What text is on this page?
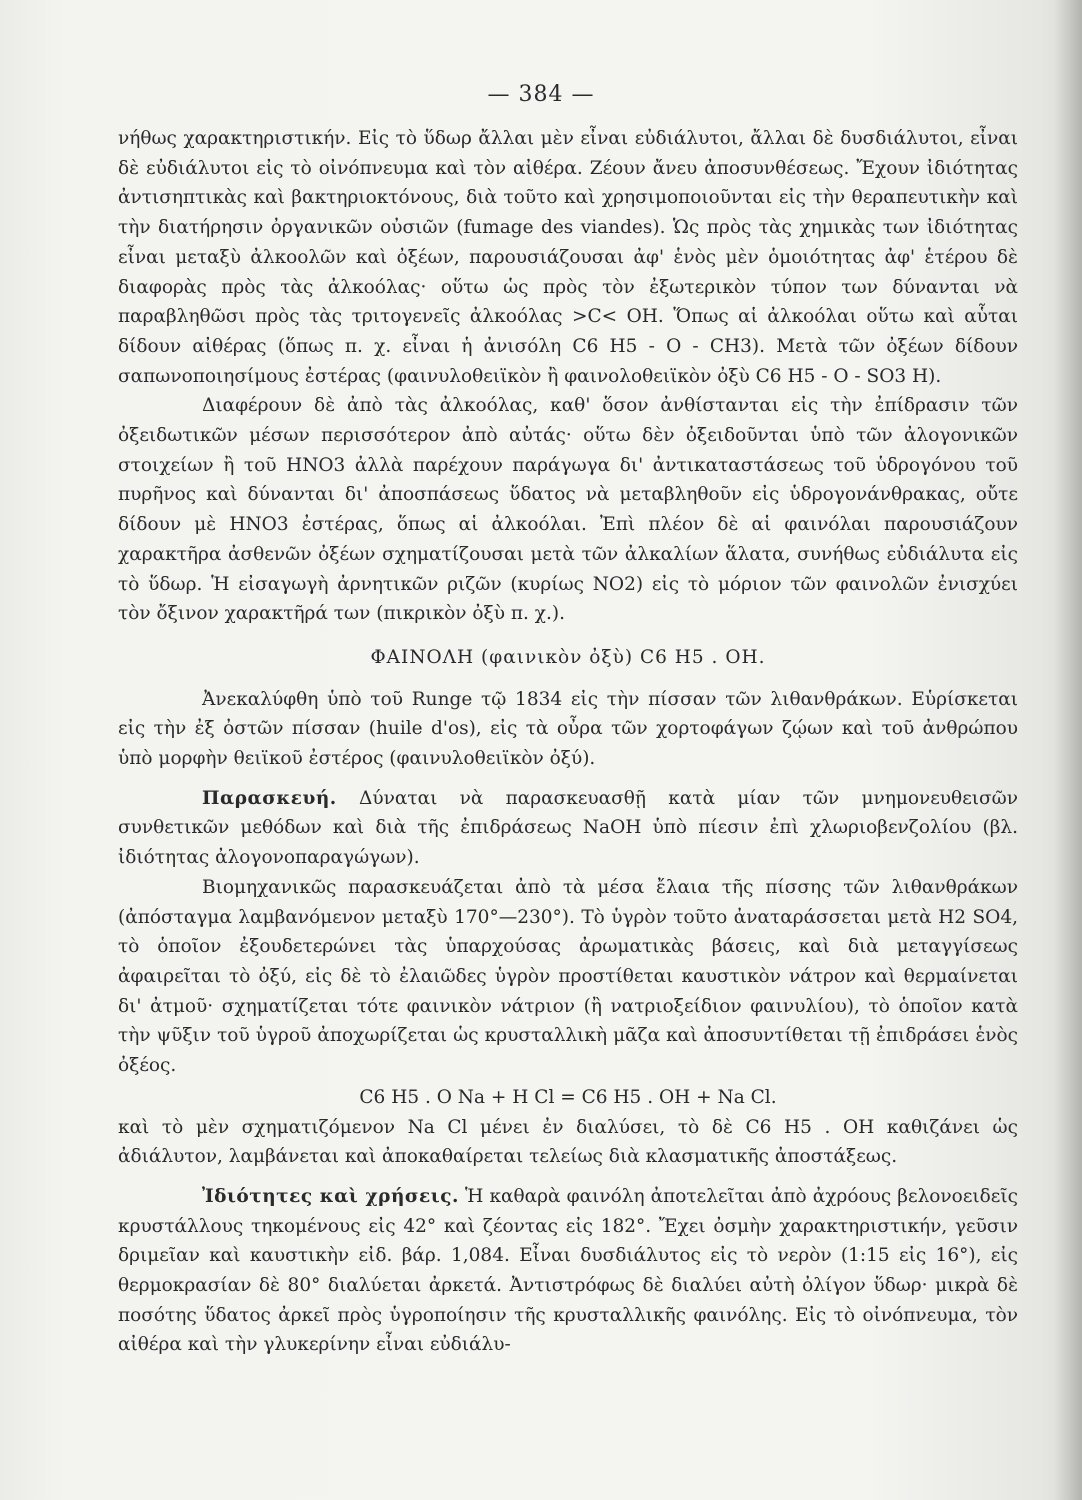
— 384 —

νήθως χαρακτηριστικήν. Εἰς τὸ ὕδωρ ἄλλαι μὲν εἶναι εὐδιάλυτοι, ἄλλαι δὲ δυσδιάλυτοι, εἶναι δὲ εὐδιάλυτοι εἰς τὸ οἰνόπνευμα καὶ τὸν αἰθέρα. Ζέουν ἄνευ ἀποσυνθέσεως. Ἔχουν ἰδιότητας ἀντισηπτικὰς καὶ βακτηριοκτόνους, διὰ τοῦτο καὶ χρησιμοποιοῦνται εἰς τὴν θεραπευτικὴν καὶ τὴν διατήρησιν ὀργανικῶν οὐσιῶν (fumage des viandes). Ὡς πρὸς τὰς χημικὰς των ἰδιότητας εἶναι μεταξὺ ἀλκοολῶν καὶ ὀξέων, παρουσιάζουσαι ἀφ' ἑνὸς μὲν ὁμοιότητας ἀφ' ἑτέρου δὲ διαφορὰς πρὸς τὰς ἀλκοόλας· οὕτω ὡς πρὸς τὸν ἐξωτερικὸν τύπον των δύνανται νὰ παραβληθῶσι πρὸς τὰς τριτογενεῖς ἀλκοόλας >C< OH. Ὅπως αἱ ἀλκοόλαι οὕτω καὶ αὗται δίδουν αἰθέρας (ὅπως π. χ. εἶναι ἡ ἀνισόλη C6 H5 - O - CH3). Μετὰ τῶν ὀξέων δίδουν σαπωνοποιησίμους ἐστέρας (φαινυλοθειϊκὸν ἢ φαινολοθειϊκὸν ὀξὺ C6 H5 - O - SO3 H).

Διαφέρουν δὲ ἀπὸ τὰς ἀλκοόλας, καθ' ὅσον ἀνθίστανται εἰς τὴν ἐπίδρασιν τῶν ὀξειδωτικῶν μέσων περισσότερον ἀπὸ αὐτάς· οὕτω δὲν ὀξειδοῦνται ὑπὸ τῶν ἀλογονικῶν στοιχείων ἢ τοῦ HNO3 ἀλλὰ παρέχουν παράγωγα δι' ἀντικαταστάσεως τοῦ ὑδρογόνου τοῦ πυρῆνος καὶ δύνανται δι' ἀποσπάσεως ὕδατος νὰ μεταβληθοῦν εἰς ὑδρογονάνθρακας, οὔτε δίδουν μὲ HNO3 ἐστέρας, ὅπως αἱ ἀλκοόλαι. Ἐπὶ πλέον δὲ αἱ φαινόλαι παρουσιάζουν χαρακτῆρα ἀσθενῶν ὀξέων σχηματίζουσαι μετὰ τῶν ἀλκαλίων ἅλατα, συνήθως εὐδιάλυτα εἰς τὸ ὕδωρ. Ἡ εἰσαγωγὴ ἀρνητικῶν ριζῶν (κυρίως NO2) εἰς τὸ μόριον τῶν φαινολῶν ἐνισχύει τὸν ὄξινον χαρακτῆρά των (πικρικὸν ὀξὺ π. χ.).

ΦΑΙΝΟΛΗ (φαινικὸν ὀξὺ) C6 H5 . OH.

Ἀνεκαλύφθη ὑπὸ τοῦ Runge τῷ 1834 εἰς τὴν πίσσαν τῶν λιθανθράκων. Εὑρίσκεται εἰς τὴν ἐξ ὀστῶν πίσσαν (huile d'os), εἰς τὰ οὖρα τῶν χορτοφάγων ζῴων καὶ τοῦ ἀνθρώπου ὑπὸ μορφὴν θειϊκοῦ ἐστέρος (φαινυλοθειϊκὸν ὀξύ).

Παρασκευή. Δύναται νὰ παρασκευασθῇ κατὰ μίαν τῶν μνημονευθεισῶν συνθετικῶν μεθόδων καὶ διὰ τῆς ἐπιδράσεως NaOH ὑπὸ πίεσιν ἐπὶ χλωριοβενζολίου (βλ. ἰδιότητας ἀλογονοπαραγώγων).

Βιομηχανικῶς παρασκευάζεται ἀπὸ τὰ μέσα ἔλαια τῆς πίσσης τῶν λιθανθράκων (ἀπόσταγμα λαμβανόμενον μεταξὺ 170°—230°). Τὸ ὑγρὸν τοῦτο ἀναταράσσεται μετὰ H2 SO4, τὸ ὁποῖον ἐξουδετερώνει τὰς ὑπαρχούσας ἀρωματικὰς βάσεις, καὶ διὰ μεταγγίσεως ἀφαιρεῖται τὸ ὀξύ, εἰς δὲ τὸ ἐλαιῶδες ὑγρὸν προστίθεται καυστικὸν νάτρον καὶ θερμαίνεται δι' ἀτμοῦ· σχηματίζεται τότε φαινικὸν νάτριον (ἢ νατριοξείδιον φαινυλίου), τὸ ὁποῖον κατὰ τὴν ψῦξιν τοῦ ὑγροῦ ἀποχωρίζεται ὡς κρυσταλλικὴ μᾶζα καὶ ἀποσυντίθεται τῇ ἐπιδράσει ἑνὸς ὀξέος.

C6 H5 . O Na + H Cl = C6 H5 . OH + Na Cl.

καὶ τὸ μὲν σχηματιζόμενον Na Cl μένει ἐν διαλύσει, τὸ δὲ C6 H5 . OH καθιζάνει ὡς ἀδιάλυτον, λαμβάνεται καὶ ἀποκαθαίρεται τελείως διὰ κλασματικῆς ἀποστάξεως.

Ἰδιότητες καὶ χρήσεις. Ἡ καθαρὰ φαινόλη ἀποτελεῖται ἀπὸ ἀχρόους βελονοειδεῖς κρυστάλλους τηκομένους εἰς 42° καὶ ζέοντας εἰς 182°. Ἔχει ὀσμὴν χαρακτηριστικήν, γεῦσιν δριμεῖαν καὶ καυστικὴν εἰδ. βάρ. 1,084. Εἶναι δυσδιάλυτος εἰς τὸ νερὸν (1:15 εἰς 16°), εἰς θερμοκρασίαν δὲ 80° διαλύεται ἀρκετά. Ἀντιστρόφως δὲ διαλύει αὐτὴ ὀλίγον ὕδωρ· μικρὰ δὲ ποσότης ὕδατος ἀρκεῖ πρὸς ὑγροποίησιν τῆς κρυσταλλικῆς φαινόλης. Εἰς τὸ οἰνόπνευμα, τὸν αἰθέρα καὶ τὴν γλυκερίνην εἶναι εὐδιάλυ-
